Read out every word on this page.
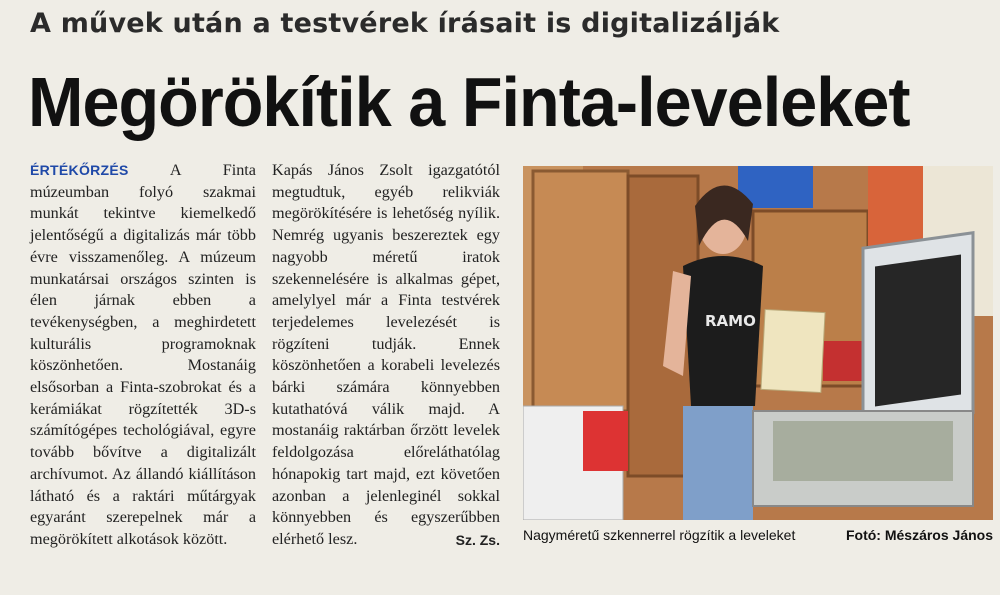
A művek után a testvérek írásait is digitalizálják
Megörökítik a Finta-leveleket
ÉRTÉKŐRZÉS A Finta múzeumban folyó szakmai munkát tekintve kiemelkedő jelentőségű a digitalizás már több évre visszamenőleg. A múzeum munkatársai országos szinten is élen járnak ebben a tevékenységben, a meghirdetett kulturális programoknak köszönhetően. Mostanáig elsősorban a Finta-szobrokat és a kerámiákat rögzítették 3D-s számítógépes techológiával, egyre tovább bővítve a digitalizált archívumot. Az állandó kiállításon látható és a raktári műtárgyak egyaránt szerepelnek már a megörökített alkotások között.
Kapás János Zsolt igazgatótól megtudtuk, egyéb relikviák megörökítésére is lehetőség nyílik. Nemrég ugyanis beszereztek egy nagyobb méretű iratok szekennelésére is alkalmas gépet, amelylyel már a Finta testvérek terjedelemes levelezését is rögzíteni tudják. Ennek köszönhetően a korabeli levelezés bárki számára könnyebben kutathatóvá válik majd. A mostanáig raktárban őrzött levelek feldolgozása előreláthatólag hónapokig tart majd, ezt követően azonban a jelenleginél sokkal könnyebben és egyszerűbben elérhető lesz.	Sz. Zs.
RAMO
Nagyméretű szkennerrel rögzítik a leveleket	Fotó: Mészáros János
